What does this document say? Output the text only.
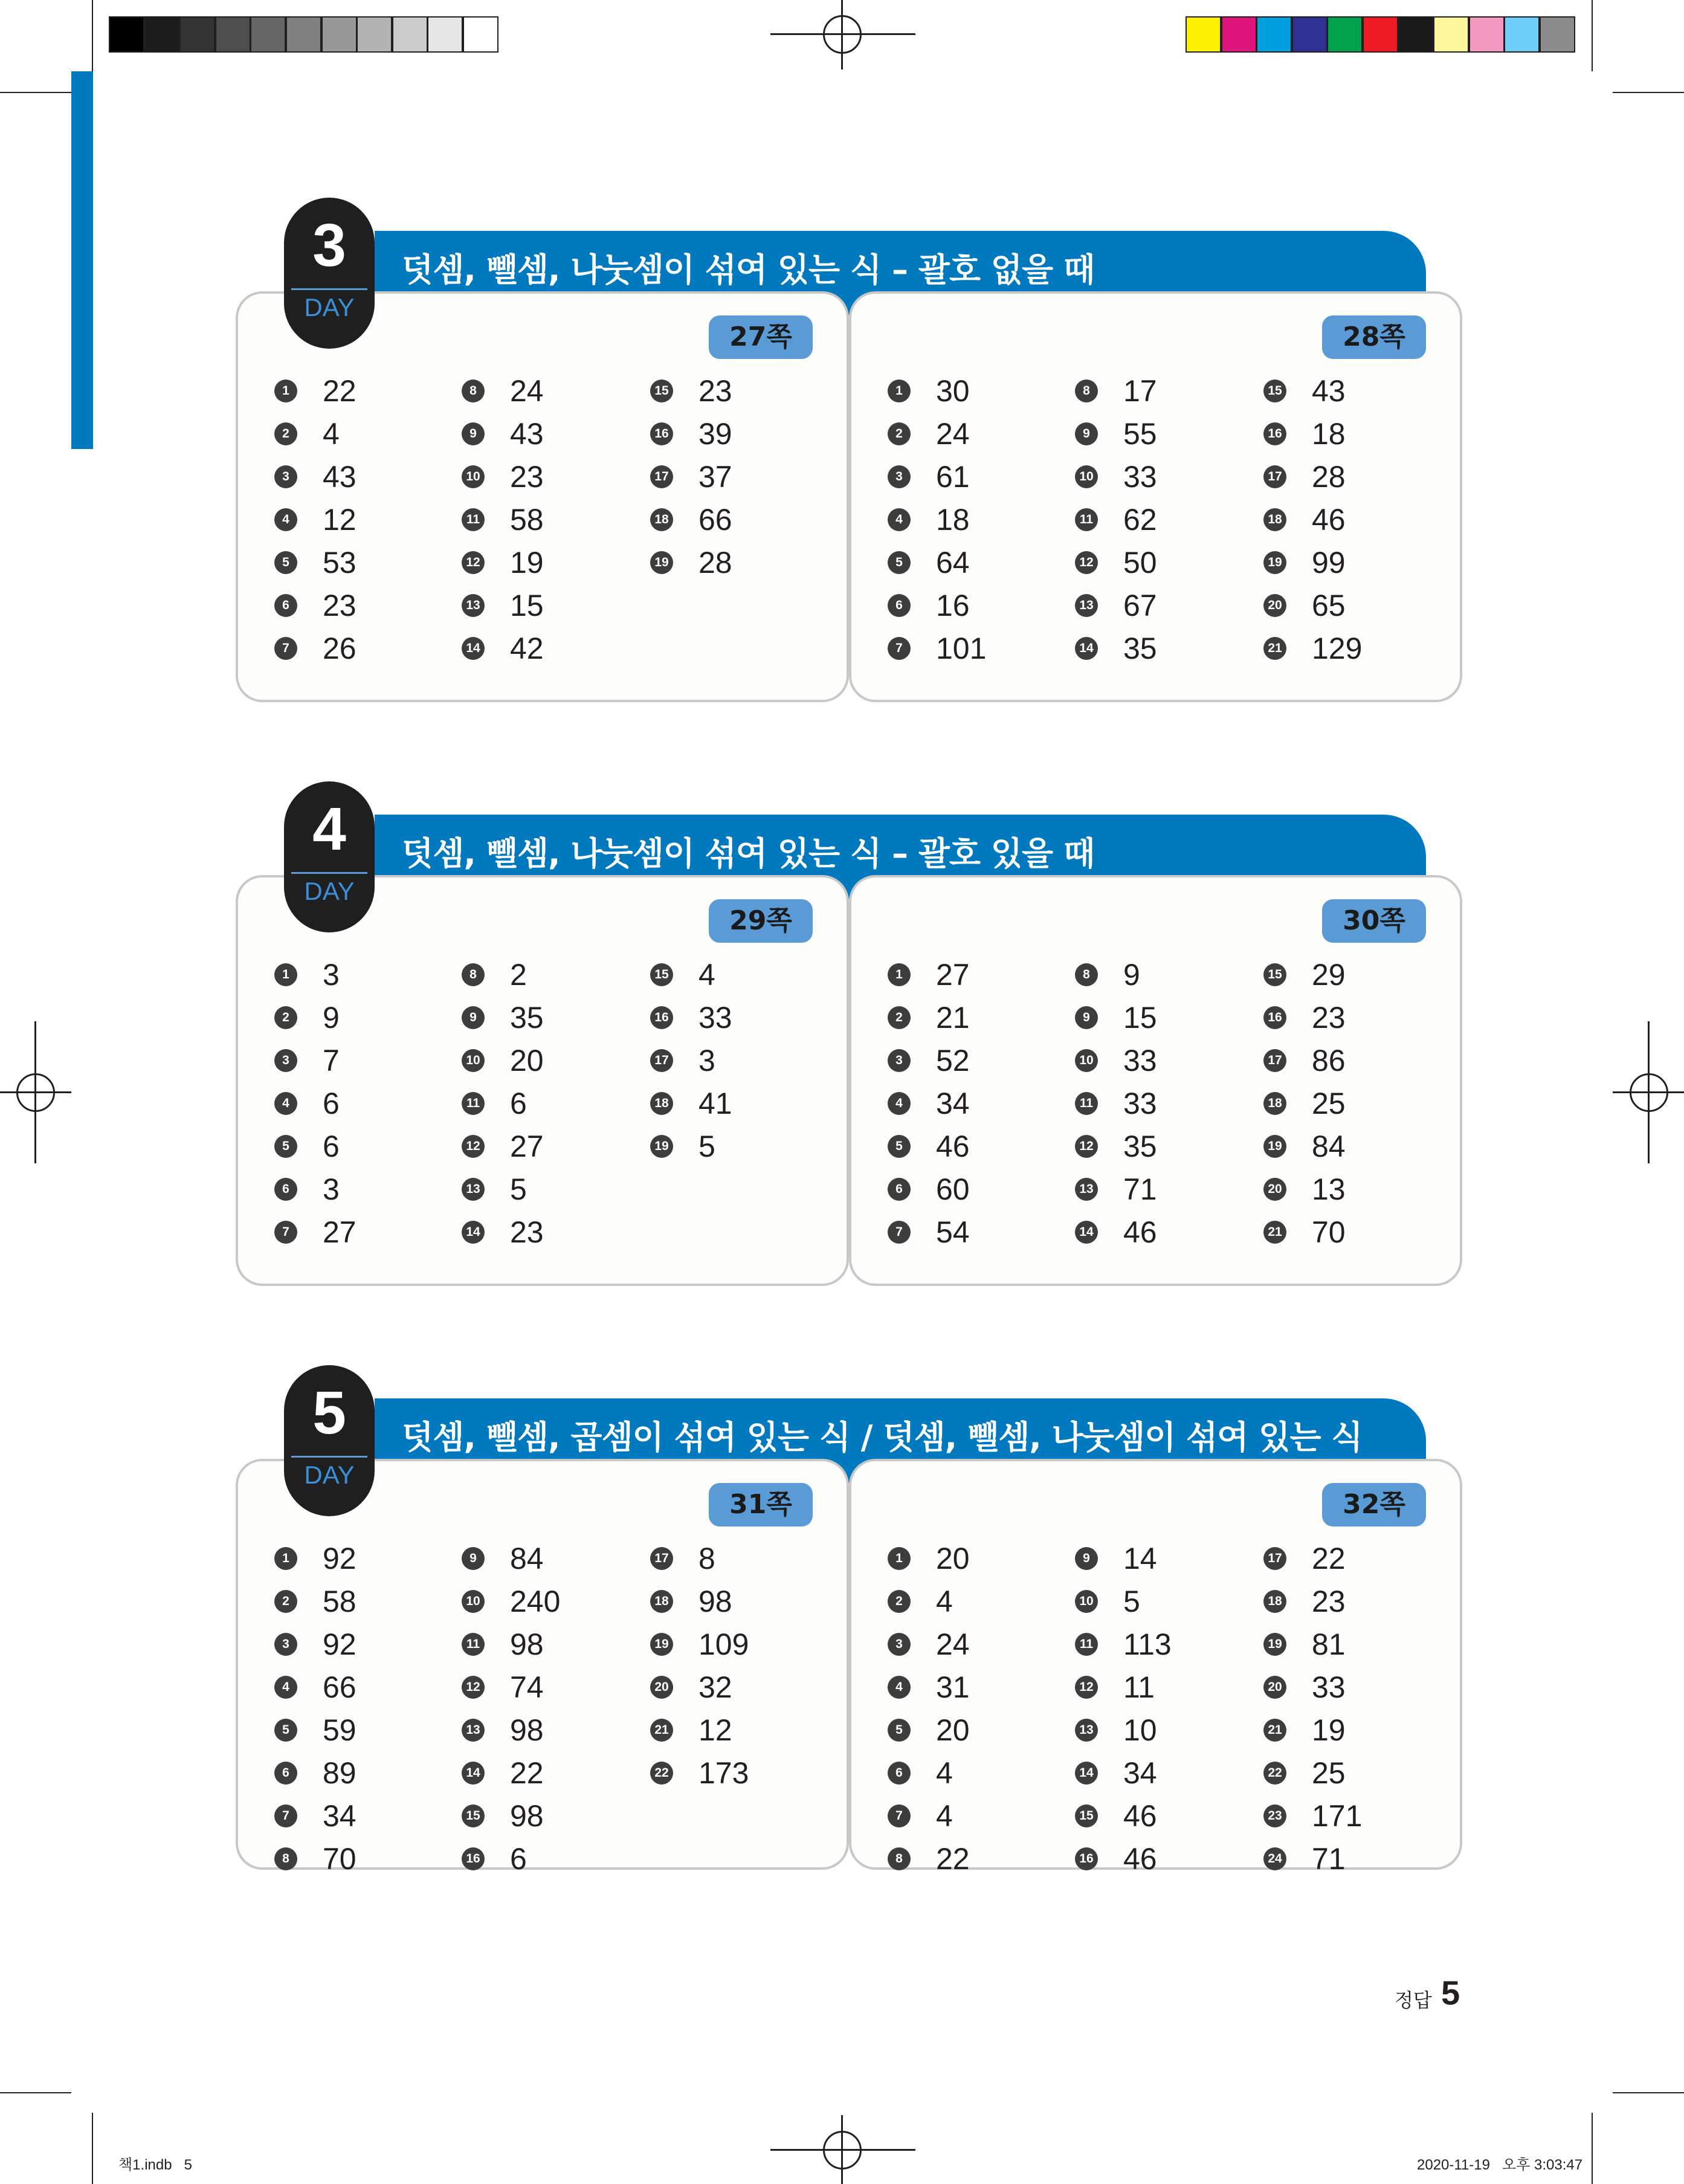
덧셈, 뺄셈, 나눗셈이 섞여 있는 식 – 괄호 없을 때
27쪽
1 22
2 4
3 43
4 12
5 53
6 23
7 26
8 24
9 43
10 23
11 58
12 19
13 15
14 42
15 23
16 39
17 37
18 66
19 28
28쪽
1 30
2 24
3 61
4 18
5 64
6 16
7 101
8 17
9 55
10 33
11 62
12 50
13 67
14 35
15 43
16 18
17 28
18 46
19 99
20 65
21 129
3
DAY
덧셈, 뺄셈, 나눗셈이 섞여 있는 식 – 괄호 있을 때
29쪽
1 3
2 9
3 7
4 6
5 6
6 3
7 27
8 2
9 35
10 20
11 6
12 27
13 5
14 23
15 4
16 33
17 3
18 41
19 5
30쪽
1 27
2 21
3 52
4 34
5 46
6 60
7 54
8 9
9 15
10 33
11 33
12 35
13 71
14 46
15 29
16 23
17 86
18 25
19 84
20 13
21 70
4
DAY
덧셈, 뺄셈, 곱셈이 섞여 있는 식 / 덧셈, 뺄셈, 나눗셈이 섞여 있는 식
31쪽
1 92
2 58
3 92
4 66
5 59
6 89
7 34
8 70
9 84
10 240
11 98
12 74
13 98
14 22
15 98
16 6
17 8
18 98
19 109
20 32
21 12
22 173
32쪽
1 20
2 4
3 24
4 31
5 20
6 4
7 4
8 22
9 14
10 5
11 113
12 11
13 10
14 34
15 46
16 46
17 22
18 23
19 81
20 33
21 19
22 25
23 171
24 71
5
DAY
정답 5
책1.indb   5	2020-11-19   오후 3:03:47
